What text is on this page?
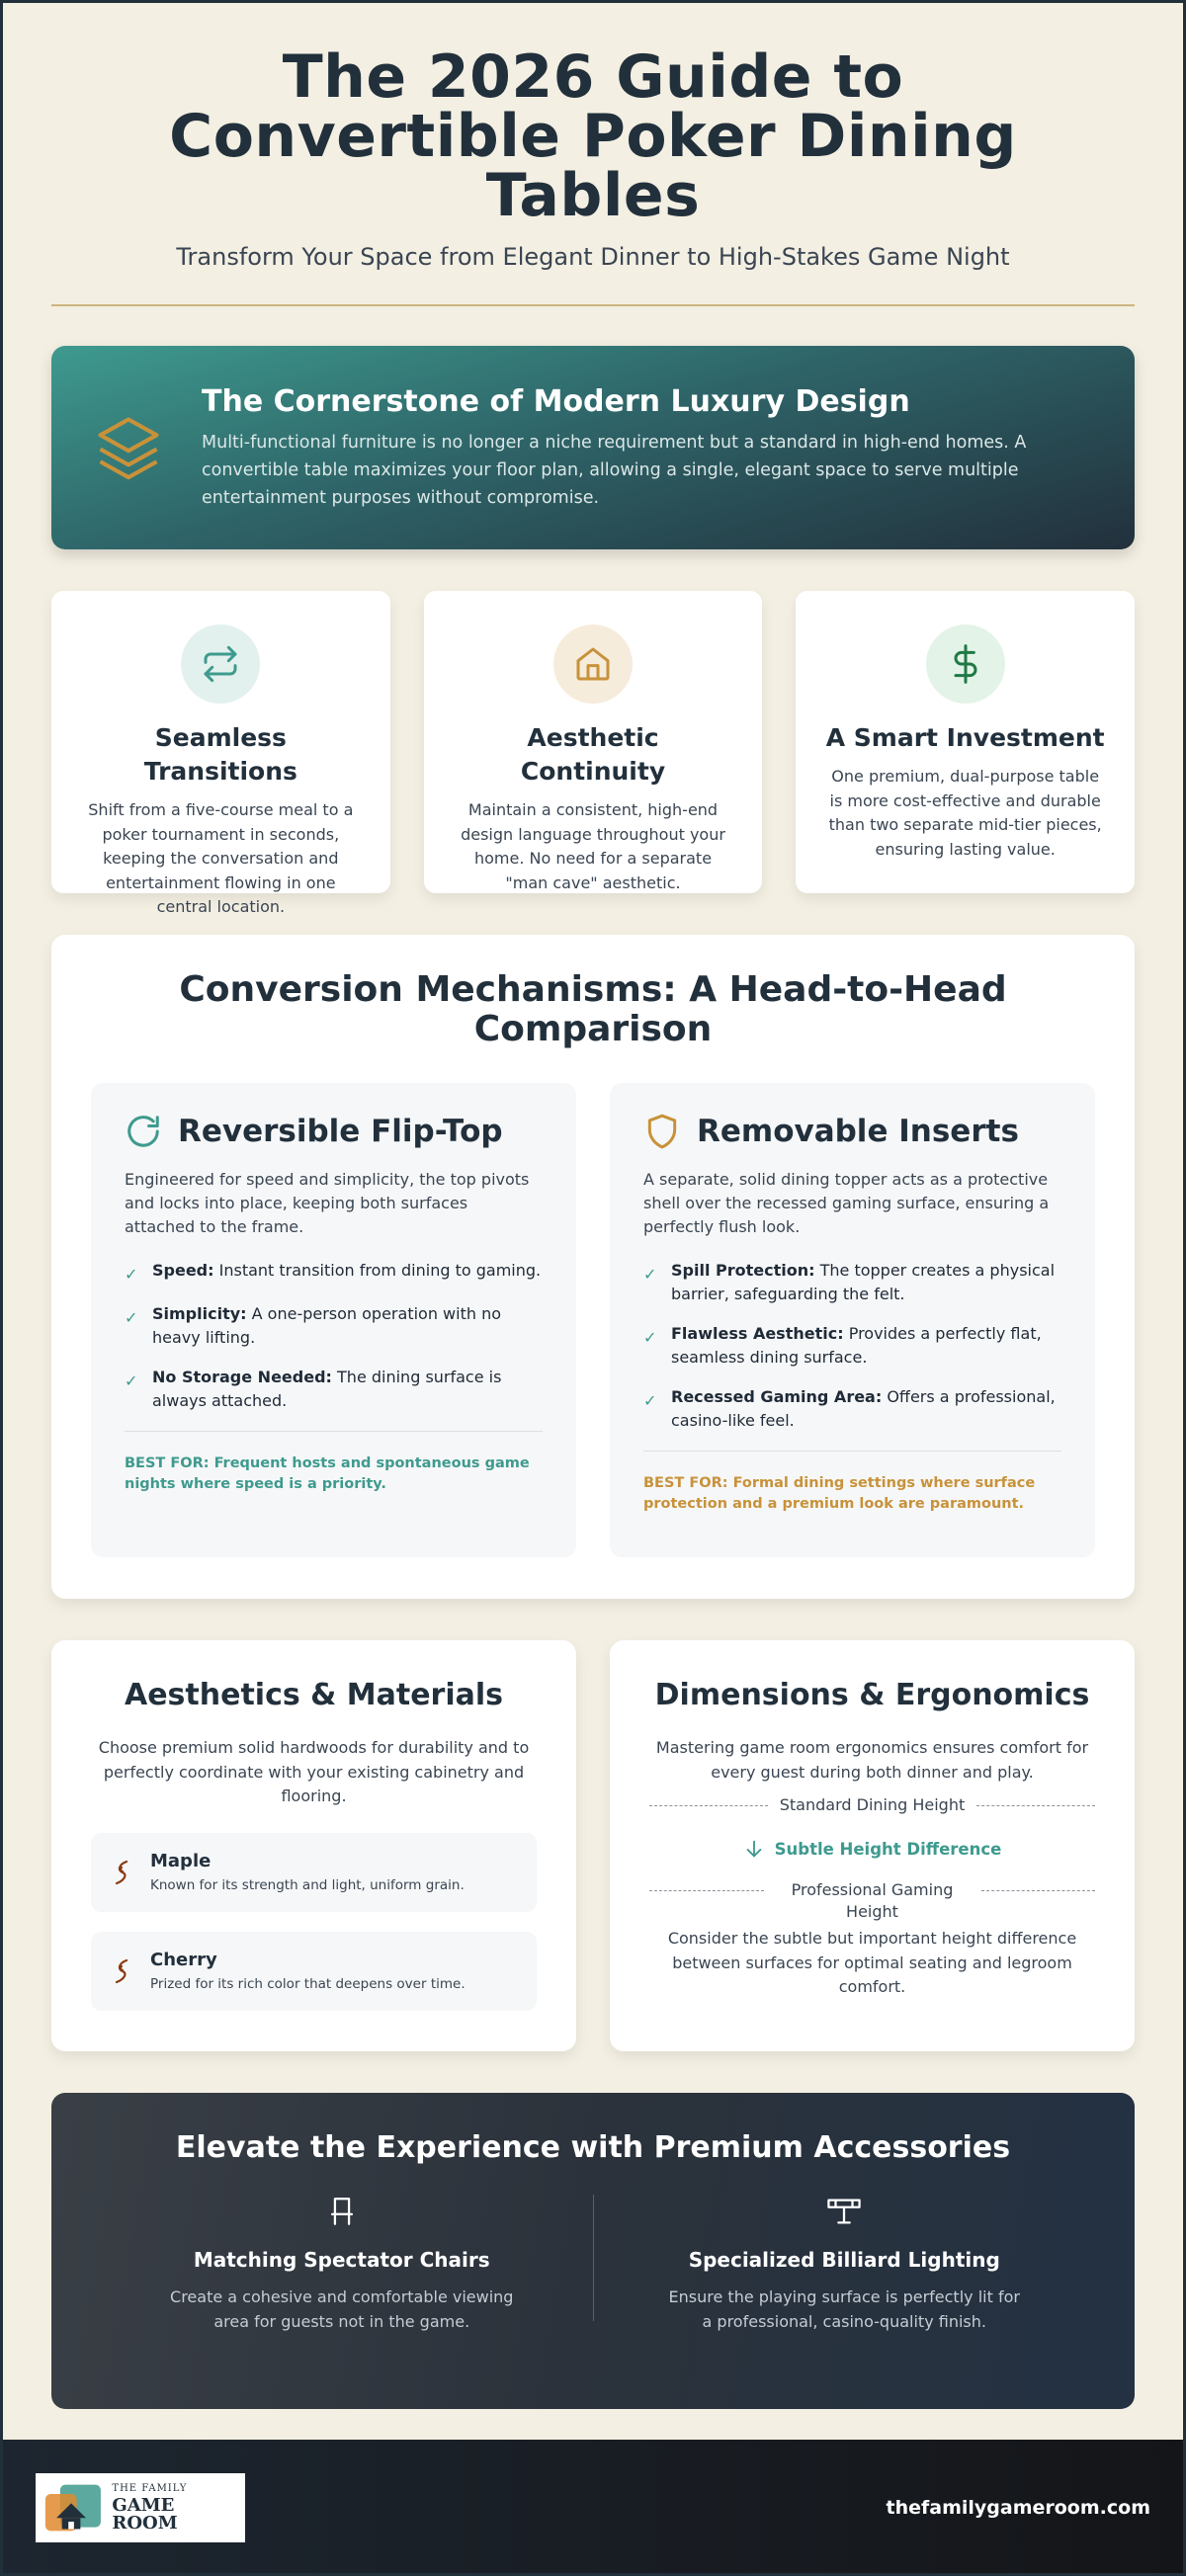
The 2026 Guide to Convertible Poker Dining Tables
Transform Your Space from Elegant Dinner to High-Stakes Game Night
The Cornerstone of Modern Luxury Design

Multi-functional furniture is no longer a niche requirement but a standard in high-end homes. A convertible table maximizes your floor plan, allowing a single, elegant space to serve multiple entertainment purposes without compromise.

Seamless Transitions

Shift from a five-course meal to a poker tournament in seconds, keeping the conversation and entertainment flowing in one central location.

Aesthetic Continuity

Maintain a consistent, high-end design language throughout your home. No need for a separate "man cave" aesthetic.

A Smart Investment

One premium, dual-purpose table is more cost-effective and durable than two separate mid-tier pieces, ensuring lasting value.

Conversion Mechanisms: A Head-to-Head Comparison
Reversible Flip-Top

Engineered for speed and simplicity, the top pivots and locks into place, keeping both surfaces attached to the frame.

✓ Speed: Instant transition from dining to gaming.
✓ Simplicity: A one-person operation with no heavy lifting.
✓ No Storage Needed: The dining surface is always attached.

BEST FOR: Frequent hosts and spontaneous game nights where speed is a priority.

Removable Inserts

A separate, solid dining topper acts as a protective shell over the recessed gaming surface, ensuring a perfectly flush look.

✓ Spill Protection: The topper creates a physical barrier, safeguarding the felt.
✓ Flawless Aesthetic: Provides a perfectly flat, seamless dining surface.
✓ Recessed Gaming Area: Offers a professional, casino-like feel.

BEST FOR: Formal dining settings where surface protection and a premium look are paramount.

Aesthetics & Materials

Choose premium solid hardwoods for durability and to perfectly coordinate with your existing cabinetry and flooring.

Maple
Known for its strength and light, uniform grain.
Cherry
Prized for its rich color that deepens over time.
Dimensions & Ergonomics

Mastering game room ergonomics ensures comfort for every guest during both dinner and play.

Standard Dining Height
Subtle Height Difference
Professional Gaming Height

Consider the subtle but important height difference between surfaces for optimal seating and legroom comfort.

Elevate the Experience with Premium Accessories
Matching Spectator Chairs

Create a cohesive and comfortable viewing area for guests not in the game.

Specialized Billiard Lighting

Ensure the playing surface is perfectly lit for a professional, casino-quality finish.

THE FAMILY
GAME ROOM
thefamilygameroom.com
